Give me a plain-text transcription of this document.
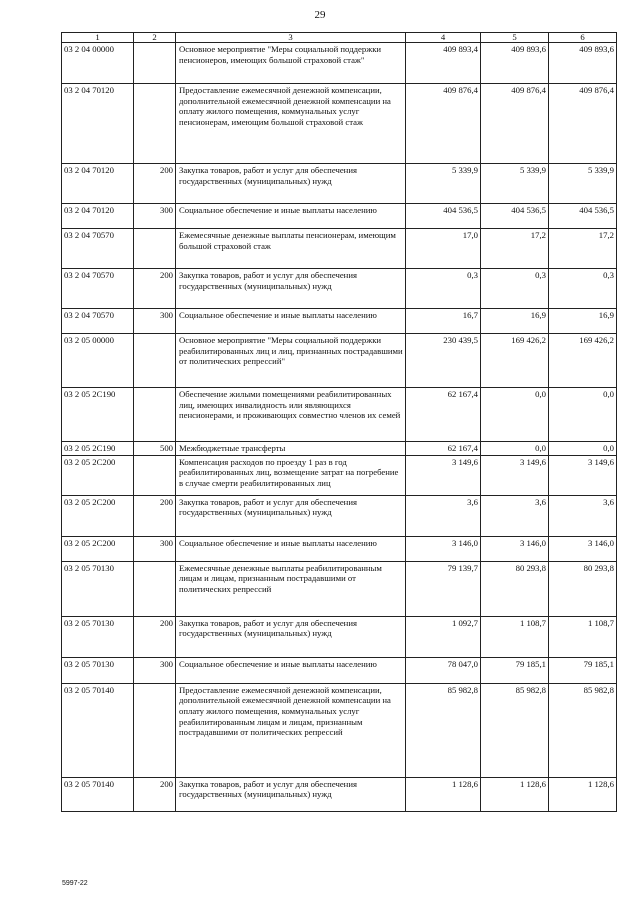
29
1	2	3	4	5	6
03 2 04 00000		Основное мероприятие "Меры социальной поддержки пенсионеров, имеющих большой страховой стаж"	409 893,4	409 893,6	409 893,6
03 2 04 70120		Предоставление ежемесячной денежной компенсации, дополнительной ежемесячной денежной компенсации на оплату жилого помещения, коммунальных услуг пенсионерам, имеющим большой страховой стаж	409 876,4	409 876,4	409 876,4
03 2 04 70120	200	Закупка товаров, работ и услуг для обеспечения государственных (муниципальных) нужд	5 339,9	5 339,9	5 339,9
03 2 04 70120	300	Социальное обеспечение и иные выплаты населению	404 536,5	404 536,5	404 536,5
03 2 04 70570		Ежемесячные денежные выплаты пенсионерам, имеющим большой страховой стаж	17,0	17,2	17,2
03 2 04 70570	200	Закупка товаров, работ и услуг для обеспечения государственных (муниципальных) нужд	0,3	0,3	0,3
03 2 04 70570	300	Социальное обеспечение и иные выплаты населению	16,7	16,9	16,9
03 2 05 00000		Основное мероприятие "Меры социальной поддержки реабилитированных лиц и лиц, признанных пострадавшими от политических репрессий"	230 439,5	169 426,2	169 426,2
03 2 05 2С190		Обеспечение жилыми помещениями реабилитированных лиц, имеющих инвалидность или являющихся пенсионерами, и проживающих совместно членов их семей	62 167,4	0,0	0,0
03 2 05 2С190	500	Межбюджетные трансферты	62 167,4	0,0	0,0
03 2 05 2С200		Компенсация расходов по проезду 1 раз в год реабилитированных лиц, возмещение затрат на погребение в случае смерти реабилитированных лиц	3 149,6	3 149,6	3 149,6
03 2 05 2С200	200	Закупка товаров, работ и услуг для обеспечения государственных (муниципальных) нужд	3,6	3,6	3,6
03 2 05 2С200	300	Социальное обеспечение и иные выплаты населению	3 146,0	3 146,0	3 146,0
03 2 05 70130		Ежемесячные денежные выплаты реабилитированным лицам и лицам, признанным пострадавшими от политических репрессий	79 139,7	80 293,8	80 293,8
03 2 05 70130	200	Закупка товаров, работ и услуг для обеспечения государственных (муниципальных) нужд	1 092,7	1 108,7	1 108,7
03 2 05 70130	300	Социальное обеспечение и иные выплаты населению	78 047,0	79 185,1	79 185,1
03 2 05 70140		Предоставление ежемесячной денежной компенсации, дополнительной ежемесячной денежной компенсации на оплату жилого помещения, коммунальных услуг реабилитированным лицам и лицам, признанным пострадавшими от политических репрессий	85 982,8	85 982,8	85 982,8
03 2 05 70140	200	Закупка товаров, работ и услуг для обеспечения государственных (муниципальных) нужд	1 128,6	1 128,6	1 128,6
5997-22
